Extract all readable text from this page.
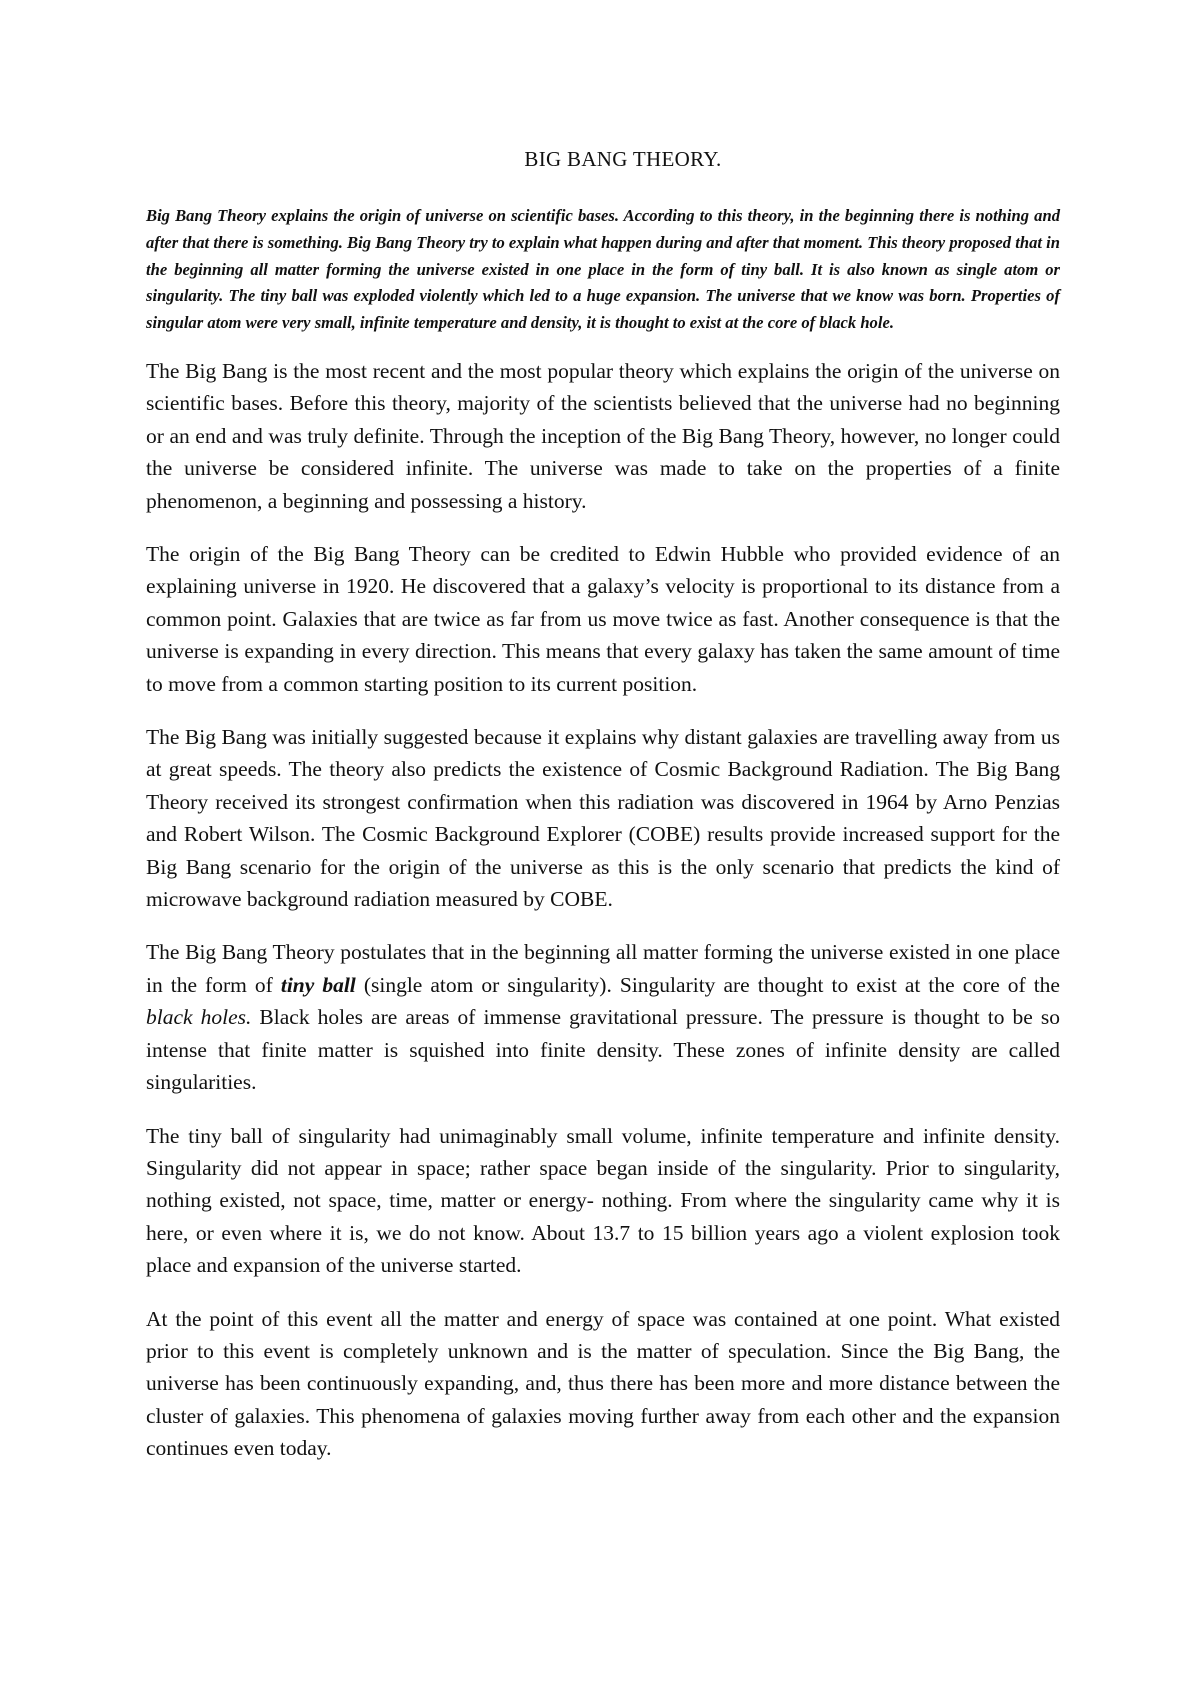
BIG BANG THEORY.

Big Bang Theory explains the origin of universe on scientific bases. According to this theory, in the beginning there is nothing and after that there is something. Big Bang Theory try to explain what happen during and after that moment. This theory proposed that in the beginning all matter forming the universe existed in one place in the form of tiny ball. It is also known as single atom or singularity. The tiny ball was exploded violently which led to a huge expansion. The universe that we know was born. Properties of singular atom were very small, infinite temperature and density, it is thought to exist at the core of black hole.

The Big Bang is the most recent and the most popular theory which explains the origin of the universe on scientific bases. Before this theory, majority of the scientists believed that the universe had no beginning or an end and was truly definite. Through the inception of the Big Bang Theory, however, no longer could the universe be considered infinite. The universe was made to take on the properties of a finite phenomenon, a beginning and possessing a history.

The origin of the Big Bang Theory can be credited to Edwin Hubble who provided evidence of an explaining universe in 1920. He discovered that a galaxy’s velocity is proportional to its distance from a common point. Galaxies that are twice as far from us move twice as fast. Another consequence is that the universe is expanding in every direction. This means that every galaxy has taken the same amount of time to move from a common starting position to its current position.

The Big Bang was initially suggested because it explains why distant galaxies are travelling away from us at great speeds. The theory also predicts the existence of Cosmic Background Radiation. The Big Bang Theory received its strongest confirmation when this radiation was discovered in 1964 by Arno Penzias and Robert Wilson. The Cosmic Background Explorer (COBE) results provide increased support for the Big Bang scenario for the origin of the universe as this is the only scenario that predicts the kind of microwave background radiation measured by COBE.

The Big Bang Theory postulates that in the beginning all matter forming the universe existed in one place in the form of tiny ball (single atom or singularity). Singularity are thought to exist at the core of the black holes. Black holes are areas of immense gravitational pressure. The pressure is thought to be so intense that finite matter is squished into finite density. These zones of infinite density are called singularities.

The tiny ball of singularity had unimaginably small volume, infinite temperature and infinite density. Singularity did not appear in space; rather space began inside of the singularity. Prior to singularity, nothing existed, not space, time, matter or energy- nothing. From where the singularity came why it is here, or even where it is, we do not know. About 13.7 to 15 billion years ago a violent explosion took place and expansion of the universe started.

At the point of this event all the matter and energy of space was contained at one point. What existed prior to this event is completely unknown and is the matter of speculation. Since the Big Bang, the universe has been continuously expanding, and, thus there has been more and more distance between the cluster of galaxies. This phenomena of galaxies moving further away from each other and the expansion continues even today.
